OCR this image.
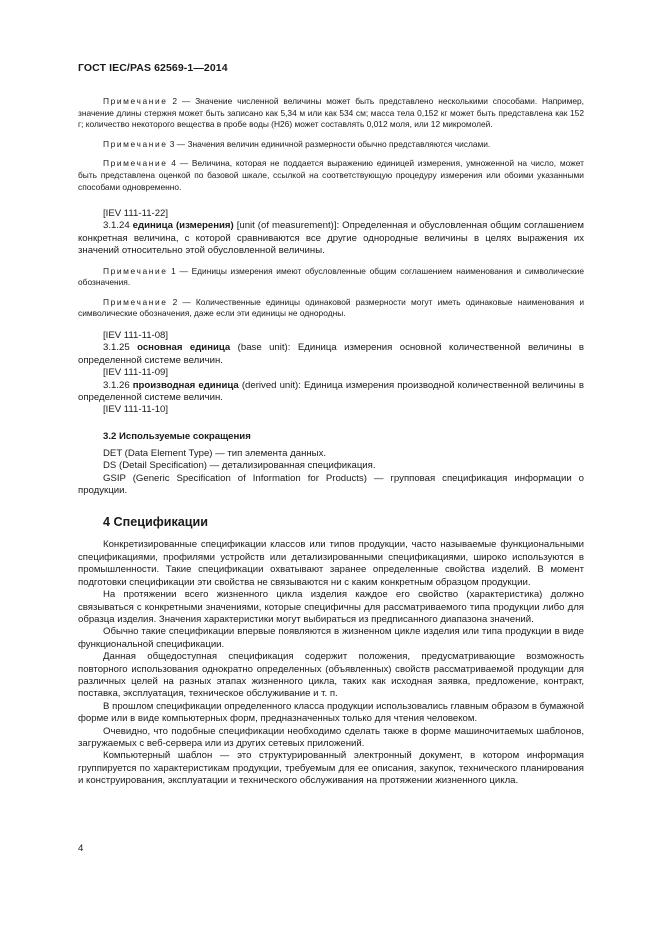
ГОСТ IEC/PAS 62569-1—2014

Примечание 2 — Значение численной величины может быть представлено несколькими способами. Например, значение длины стержня может быть записано как 5,34 м или как 534 см; масса тела 0,152 кг может быть представлена как 152 г; количество некоторого вещества в пробе воды (H26) может составлять 0,012 моля, или 12 микромолей.

Примечание 3 — Значения величин единичной размерности обычно представляются числами.

Примечание 4 — Величина, которая не поддается выражению единицей измерения, умноженной на число, может быть представлена оценкой по базовой шкале, ссылкой на соответствующую процедуру измерения или обоими указанными способами одновременно.

[IEV 111-11-22]

3.1.24 единица (измерения) [unit (of measurement)]: Определенная и обусловленная общим соглашением конкретная величина, с которой сравниваются все другие однородные величины в целях выражения их значений относительно этой обусловленной величины.

Примечание 1 — Единицы измерения имеют обусловленные общим соглашением наименования и символические обозначения.

Примечание 2 — Количественные единицы одинаковой размерности могут иметь одинаковые наименования и символические обозначения, даже если эти единицы не однородны.

[IEV 111-11-08]

3.1.25 основная единица (base unit): Единица измерения основной количественной величины в определенной системе величин.

[IEV 111-11-09]

3.1.26 производная единица (derived unit): Единица измерения производной количественной величины в определенной системе величин.

[IEV 111-11-10]

3.2 Используемые сокращения

DET (Data Element Type) — тип элемента данных.

DS (Detail Specification) — детализированная спецификация.

GSIP (Generic Specification of Information for Products) — групповая спецификация информации о продукции.

4 Спецификации

Конкретизированные спецификации классов или типов продукции, часто называемые функциональными спецификациями, профилями устройств или детализированными спецификациями, широко используются в промышленности. Такие спецификации охватывают заранее определенные свойства изделий. В момент подготовки спецификации эти свойства не связываются ни с каким конкретным образцом продукции.

На протяжении всего жизненного цикла изделия каждое его свойство (характеристика) должно связываться с конкретными значениями, которые специфичны для рассматриваемого типа продукции либо для образца изделия. Значения характеристики могут выбираться из предписанного диапазона значений.

Обычно такие спецификации впервые появляются в жизненном цикле изделия или типа продукции в виде функциональной спецификации.

Данная общедоступная спецификация содержит положения, предусматривающие возможность повторного использования однократно определенных (объявленных) свойств рассматриваемой продукции для различных целей на разных этапах жизненного цикла, таких как исходная заявка, предложение, контракт, поставка, эксплуатация, техническое обслуживание и т. п.

В прошлом спецификации определенного класса продукции использовались главным образом в бумажной форме или в виде компьютерных форм, предназначенных только для чтения человеком.

Очевидно, что подобные спецификации необходимо сделать также в форме машиночитаемых шаблонов, загружаемых с веб-сервера или из других сетевых приложений.

Компьютерный шаблон — это структурированный электронный документ, в котором информация группируется по характеристикам продукции, требуемым для ее описания, закупок, технического планирования и конструирования, эксплуатации и технического обслуживания на протяжении жизненного цикла.

4
